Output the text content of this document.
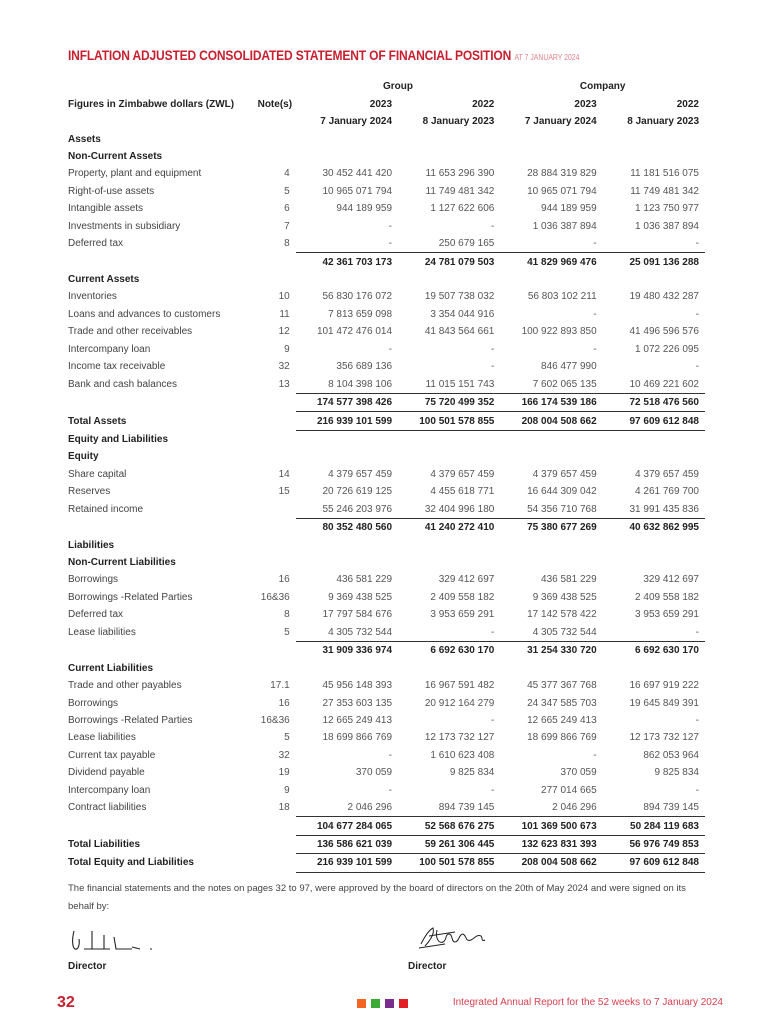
INFLATION ADJUSTED CONSOLIDATED STATEMENT OF FINANCIAL POSITION AT 7 JANUARY 2024
		Group		Company	
Figures in Zimbabwe dollars (ZWL)	Note(s)	2023	2022	2023	2022
		7 January 2024	8 January 2023	7 January 2024	8 January 2023
Assets					
Non-Current Assets					
Property, plant and equipment	4	30 452 441 420	11 653 296 390	28 884 319 829	11 181 516 075
Right-of-use assets	5	10 965 071 794	11 749 481 342	10 965 071 794	11 749 481 342
Intangible assets	6	944 189 959	1 127 622 606	944 189 959	1 123 750 977
Investments in subsidiary	7	-	-	1 036 387 894	1 036 387 894
Deferred tax	8	-	250 679 165	-	-
		42 361 703 173	24 781 079 503	41 829 969 476	25 091 136 288
Current Assets					
Inventories	10	56 830 176 072	19 507 738 032	56 803 102 211	19 480 432 287
Loans and advances to customers	11	7 813 659 098	3 354 044 916	-	-
Trade and other receivables	12	101 472 476 014	41 843 564 661	100 922 893 850	41 496 596 576
Intercompany loan	9	-	-	-	1 072 226 095
Income tax receivable	32	356 689 136	-	846 477 990	-
Bank and cash balances	13	8 104 398 106	11 015 151 743	7 602 065 135	10 469 221 602
		174 577 398 426	75 720 499 352	166 174 539 186	72 518 476 560
Total Assets		216 939 101 599	100 501 578 855	208 004 508 662	97 609 612 848
Equity and Liabilities					
Equity					
Share capital	14	4 379 657 459	4 379 657 459	4 379 657 459	4 379 657 459
Reserves	15	20 726 619 125	4 455 618 771	16 644 309 042	4 261 769 700
Retained income		55 246 203 976	32 404 996 180	54 356 710 768	31 991 435 836
		80 352 480 560	41 240 272 410	75 380 677 269	40 632 862 995
Liabilities					
Non-Current Liabilities					
Borrowings	16	436 581 229	329 412 697	436 581 229	329 412 697
Borrowings -Related Parties	16&36	9 369 438 525	2 409 558 182	9 369 438 525	2 409 558 182
Deferred tax	8	17 797 584 676	3 953 659 291	17 142 578 422	3 953 659 291
Lease liabilities	5	4 305 732 544	-	4 305 732 544	-
		31 909 336 974	6 692 630 170	31 254 330 720	6 692 630 170
Current Liabilities					
Trade and other payables	17.1	45 956 148 393	16 967 591 482	45 377 367 768	16 697 919 222
Borrowings	16	27 353 603 135	20 912 164 279	24 347 585 703	19 645 849 391
Borrowings -Related Parties	16&36	12 665 249 413	-	12 665 249 413	-
Lease liabilities	5	18 699 866 769	12 173 732 127	18 699 866 769	12 173 732 127
Current tax payable	32	-	1 610 623 408	-	862 053 964
Dividend payable	19	370 059	9 825 834	370 059	9 825 834
Intercompany loan	9	-	-	277 014 665	-
Contract liabilities	18	2 046 296	894 739 145	2 046 296	894 739 145
		104 677 284 065	52 568 676 275	101 369 500 673	50 284 119 683
Total Liabilities		136 586 621 039	59 261 306 445	132 623 831 393	56 976 749 853
Total Equity and Liabilities		216 939 101 599	100 501 578 855	208 004 508 662	97 609 612 848
The financial statements and the notes on pages 32 to 97, were approved by the board of directors on the 20th of May 2024 and were signed on its behalf by:
Director	Director
32	Integrated Annual Report for the 52 weeks to 7 January 2024
